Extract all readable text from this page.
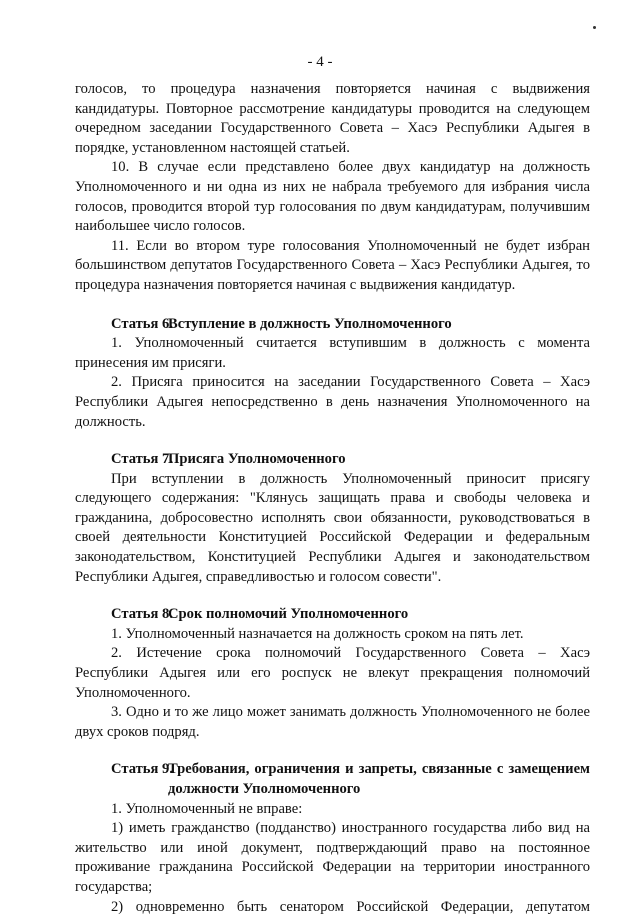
- 4 -

голосов, то процедура назначения повторяется начиная с выдвижения кандидатуры. Повторное рассмотрение кандидатуры проводится на следующем очередном заседании Государственного Совета – Хасэ Республики Адыгея в порядке, установленном настоящей статьей.

10. В случае если представлено более двух кандидатур на должность Уполномоченного и ни одна из них не набрала требуемого для избрания числа голосов, проводится второй тур голосования по двум кандидатурам, получившим наибольшее число голосов.

11. Если во втором туре голосования Уполномоченный не будет избран большинством депутатов Государственного Совета – Хасэ Республики Адыгея, то процедура назначения повторяется начиная с выдвижения кандидатур.

Статья 6.
Вступление в должность Уполномоченного

1. Уполномоченный считается вступившим в должность с момента принесения им присяги.

2. Присяга приносится на заседании Государственного Совета – Хасэ Республики Адыгея непосредственно в день назначения Уполномоченного на должность.

Статья 7.
Присяга Уполномоченного

При вступлении в должность Уполномоченный приносит присягу следующего содержания: "Клянусь защищать права и свободы человека и гражданина, добросовестно исполнять свои обязанности, руководствоваться в своей деятельности Конституцией Российской Федерации и федеральным законодательством, Конституцией Республики Адыгея и законодательством Республики Адыгея, справедливостью и голосом совести".

Статья 8.
Срок полномочий Уполномоченного

1. Уполномоченный назначается на должность сроком на пять лет.

2. Истечение срока полномочий Государственного Совета – Хасэ Республики Адыгея или его роспуск не влекут прекращения полномочий Уполномоченного.

3. Одно и то же лицо может занимать должность Уполномоченного не более двух сроков подряд.

Статья 9.
Требования, ограничения и запреты, связанные с замещением должности Уполномоченного

1. Уполномоченный не вправе:

1) иметь гражданство (подданство) иностранного государства либо вид на жительство или иной документ, подтверждающий право на постоянное проживание гражданина Российской Федерации на территории иностранного государства;

2) одновременно быть сенатором Российской Федерации, депутатом
